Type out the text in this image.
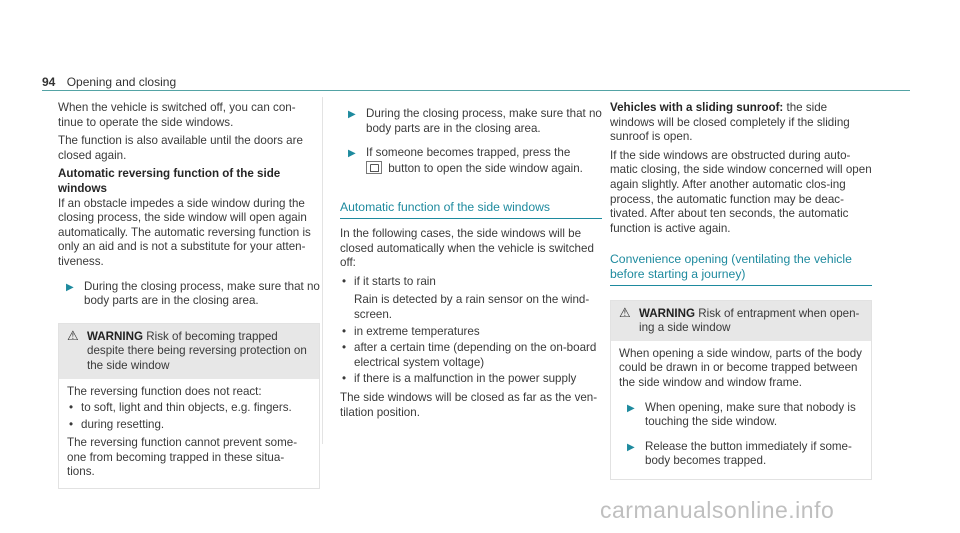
94 Opening and closing

When the vehicle is switched off, you can con-tinue to operate the side windows.

The function is also available until the doors are closed again.

Automatic reversing function of the side windows

If an obstacle impedes a side window during the closing process, the side window will open again automatically. The automatic reversing function is only an aid and is not a substitute for your atten-tiveness.

▶ During the closing process, make sure that no body parts are in the closing area.
⚠ WARNING Risk of becoming trapped despite there being reversing protection on the side window

The reversing function does not react:

• to soft, light and thin objects, e.g. fingers.
• during resetting.

The reversing function cannot prevent some-one from becoming trapped in these situa-tions.

▶ During the closing process, make sure that no body parts are in the closing area.
▶ If someone becomes trapped, press the
button to open the side window again.
Automatic function of the side windows

In the following cases, the side windows will be closed automatically when the vehicle is switched off:

• if it starts to rain

Rain is detected by a rain sensor on the wind-screen.

• in extreme temperatures
• after a certain time (depending on the on-board electrical system voltage)
• if there is a malfunction in the power supply

The side windows will be closed as far as the ven-tilation position.

Vehicles with a sliding sunroof: the side windows will be closed completely if the sliding sunroof is open.

If the side windows are obstructed during auto-matic closing, the side window concerned will open again slightly. After another automatic clos-ing process, the automatic function may be deac-tivated. After about ten seconds, the automatic function is active again.

Convenience opening (ventilating the vehicle before starting a journey)
⚠ WARNING Risk of entrapment when open-ing a side window

When opening a side window, parts of the body could be drawn in or become trapped between the side window and window frame.

▶ When opening, make sure that nobody is touching the side window.
▶ Release the button immediately if some-body becomes trapped.
carmanualsonline.info
